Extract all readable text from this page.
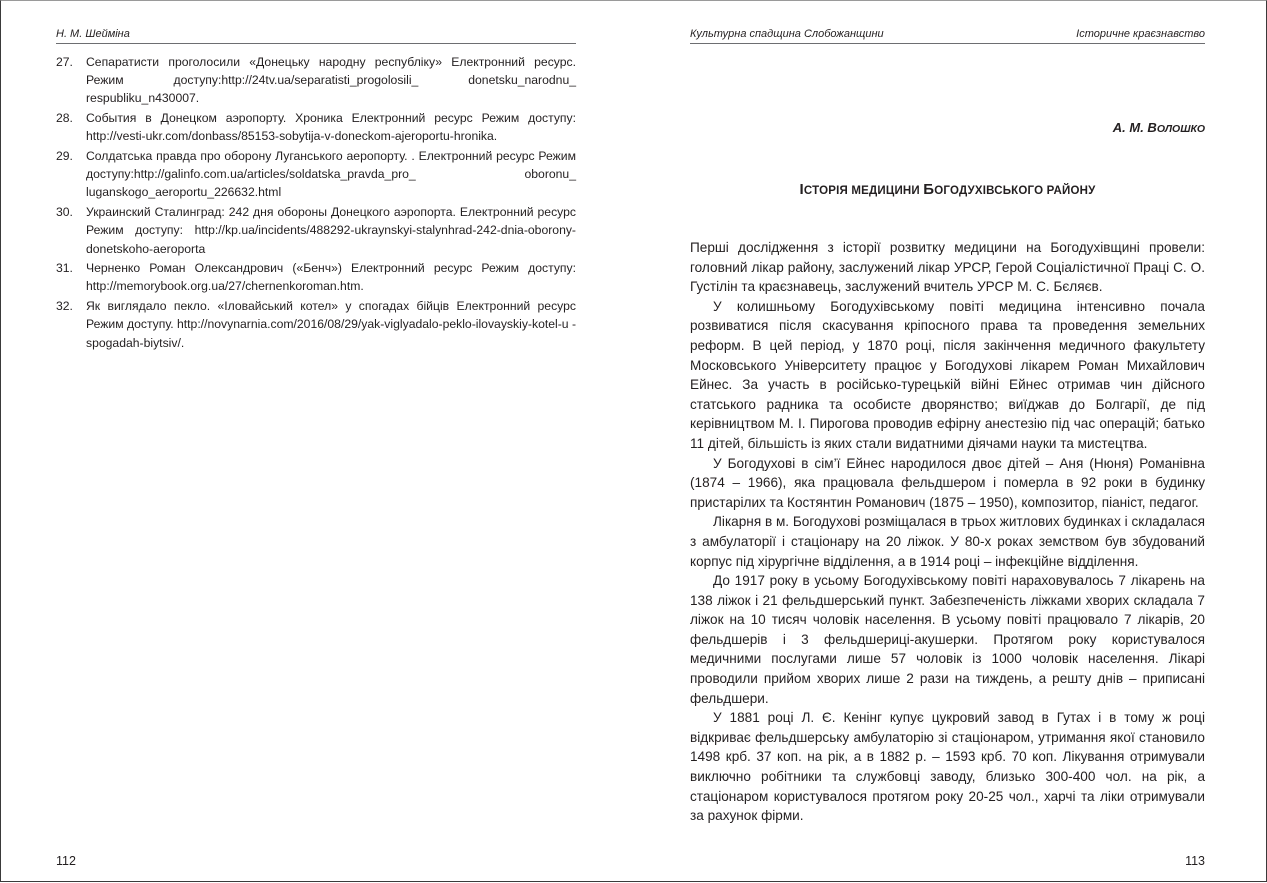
Н. М. Шейміна
27. Сепаратисти проголосили «Донецьку народну республіку» Електронний ресурс. Режим доступу:http://24tv.ua/separatisti_progolosili_ donetsku_narodnu_ respubliku_n430007.
28. События в Донецком аэропорту. Хроника Електронний ресурс Режим доступу: http://vesti-ukr.com/donbass/85153-sobytija-v-doneckom-ajeroportu-hronika.
29. Солдатська правда про оборону Луганського аеропорту. . Електронний ресурс Режим доступу:http://galinfo.com.ua/articles/soldatska_pravda_pro_ oboronu_ luganskogo_aeroportu_226632.html
30. Украинский Сталинград: 242 дня обороны Донецкого аэропорта. Електронний ресурс Режим доступу: http://kp.ua/incidents/488292-ukraynskyi-stalynhrad-242-dnia-oborony-donetskoho-aeroporta
31. Черненко Роман Олександрович («Бенч») Електронний ресурс Режим доступу: http://memorybook.org.ua/27/chernenkoroman.htm.
32. Як виглядало пекло. «Іловайський котел» у спогадах бійців Електронний ресурс Режим доступу. http://novynarnia.com/2016/08/29/yak-viglyadalo-peklo-ilovayskiy-kotel-u -spogadah-biytsiv/.
112
Культурна спадщина Слобожанщини	Історичне краєзнавство
А. М. ВОЛОШКО
ІСТОРІЯ МЕДИЦИНИ БОГОДУХІВСЬКОГО РАЙОНУ

Перші дослідження з історії розвитку медицини на Богодухівщині провели: головний лікар району, заслужений лікар УРСР, Герой Соціалістичної Праці С. О. Густілін та краєзнавець, заслужений вчитель УРСР М. С. Бєляєв.

У колишньому Богодухівському повіті медицина інтенсивно почала розвиватися після скасування кріпосного права та проведення земельних реформ. В цей період, у 1870 році, після закінчення медичного факультету Московського Університету працює у Богодухові лікарем Роман Михайлович Ейнес. За участь в російсько-турецькій війні Ейнес отримав чин дійсного статського радника та особисте дворянство; виїджав до Болгарії, де під керівництвом М. І. Пирогова проводив ефірну анестезію під час операцій; батько 11 дітей, більшість із яких стали видатними діячами науки та мистецтва.

У Богодухові в сім’ї Ейнес народилося двоє дітей – Аня (Нюня) Романівна (1874 – 1966), яка працювала фельдшером і померла в 92 роки в будинку пристарілих та Костянтин Романович (1875 – 1950), композитор, піаніст, педагог.

Лікарня в м. Богодухові розміщалася в трьох житлових будинках і складалася з амбулаторії і стаціонару на 20 ліжок. У 80-х роках земством був збудований корпус під хірургічне відділення, а в 1914 році – інфекційне відділення.

До 1917 року в усьому Богодухівському повіті нараховувалось 7 лікарень на 138 ліжок і 21 фельдшерський пункт. Забезпеченість ліжками хворих складала 7 ліжок на 10 тисяч чоловік населення. В усьому повіті працювало 7 лікарів, 20 фельдшерів і 3 фельдшериці-акушерки. Протягом року користувалося медичними послугами лише 57 чоловік із 1000 чоловік населення. Лікарі проводили прийом хворих лише 2 рази на тиждень, а решту днів – приписані фельдшери.

У 1881 році Л. Є. Кенінг купує цукровий завод в Гутах і в тому ж році відкриває фельдшерську амбулаторію зі стаціонаром, утримання якої становило 1498 крб. 37 коп. на рік, а в 1882 р. – 1593 крб. 70 коп. Лікування отримували виключно робітники та службовці заводу, близько 300-400 чол. на рік, а стаціонаром користувалося протягом року 20-25 чол., харчі та ліки отримували за рахунок фірми.

113
